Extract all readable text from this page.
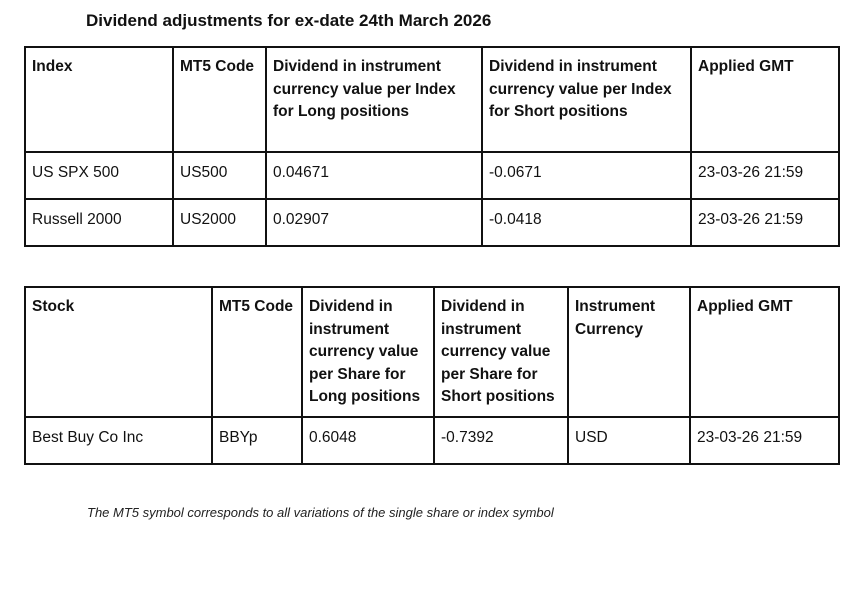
Dividend adjustments for ex-date 24th March 2026
Index	MT5 Code	Dividend in instrument currency value per Index for Long positions	Dividend in instrument currency value per Index for Short positions	Applied GMT
US SPX 500	US500	0.04671	-0.0671	23-03-26 21:59
Russell 2000	US2000	0.02907	-0.0418	23-03-26 21:59
Stock	MT5 Code	Dividend in instrument currency value per Share for Long positions	Dividend in instrument currency value per Share for Short positions	Instrument Currency	Applied GMT
Best Buy Co Inc	BBYp	0.6048	-0.7392	USD	23-03-26 21:59
The MT5 symbol corresponds to all variations of the single share or index symbol
